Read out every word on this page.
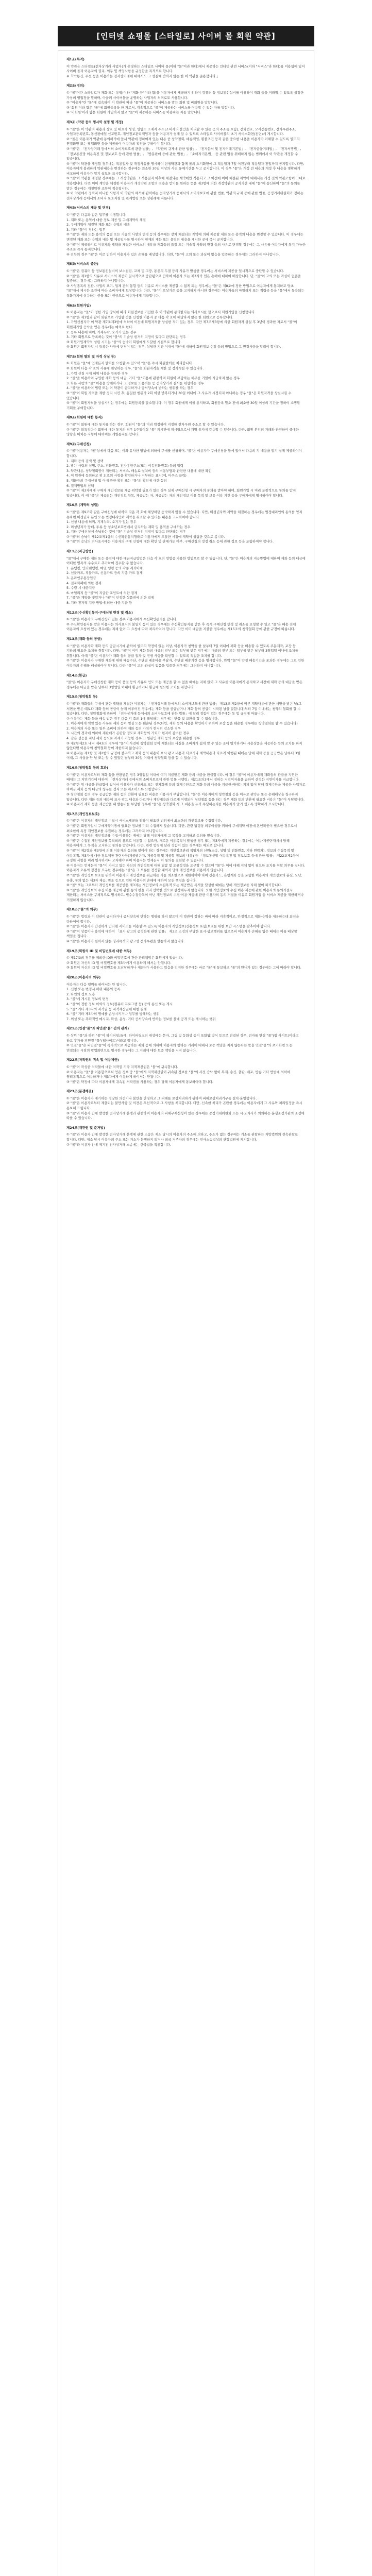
[인터넷 쇼핑몰 [스타일로] 사이버 몰 회원 약관]

제1조(목적)

이 약관은 스타일로(전자상거래 사업자)가 운영하는 스타일로 사이버 몰(이하 "몰"이라 한다)에서 제공하는 인터넷 관련 서비스(이하 "서비스"라 한다)를 이용함에 있어 사이버 몰과 이용자의 권리, 의무 및 책임사항을 규정함을 목적으로 합니다.
※「PC통신, 무선 등을 이용하는 전자상거래에 대해서도 그 성질에 반하지 않는 한 이 약관을 준용합니다.」

제2조(정의)

① "몰"이란 스타일로가 재화 또는 용역(이하 "재화 등"이라 함)을 이용자에게 제공하기 위하여 컴퓨터 등 정보통신설비를 이용하여 재화 등을 거래할 수 있도록 설정한 가상의 영업장을 말하며, 아울러 사이버몰을 운영하는 사업자의 의미로도 사용합니다.
② "이용자"란 "몰"에 접속하여 이 약관에 따라 "몰"이 제공하는 서비스를 받는 회원 및 비회원을 말합니다.
③ '회원'이라 함은 "몰"에 회원등록을 한 자로서, 계속적으로 "몰"이 제공하는 서비스를 이용할 수 있는 자를 말합니다.
④ '비회원'이라 함은 회원에 가입하지 않고 "몰"이 제공하는 서비스를 이용하는 자를 말합니다.

제3조 (약관 등의 명시와 설명 및 개정)

① "몰"은 이 약관의 내용과 상호 및 대표자 성명, 영업소 소재지 주소(소비자의 불만을 처리할 수 있는 곳의 주소를 포함), 전화번호, 모사전송번호, 전자우편주소, 사업자등록번호, 통신판매업 신고번호, 개인정보관리책임자 등을 이용자가 쉽게 알 수 있도록 스타일로 사이버몰의 초기 서비스화면(전면)에 게시합니다.
② "몰은 이용자가 약관에 동의하기에 앞서 약관에 정하여져 있는 내용 중 청약철회, 배송책임, 환불조건 등과 같은 중요한 내용을 이용자가 이해할 수 있도록 별도의 연결화면 또는 팝업화면 등을 제공하여 이용자의 확인을 구하여야 합니다.
③ "몰"은 「전자상거래 등에서의 소비자보호에 관한 법률」, 「약관의 규제에 관한 법률」, 「전자문서 및 전자거래기본법」, 「전자금융거래법」, 「전자서명법」, 「정보통신망 이용촉진 및 정보보호 등에 관한 법률」, 「방문판매 등에 관한 법률」, 「소비자기본법」 등 관련 법을 위배하지 않는 범위에서 이 약관을 개정할 수 있습니다.
④ "몰"이 약관을 개정할 경우에는 적용일자 및 개정사유를 명시하여 현행약관과 함께 몰의 초기화면에 그 적용일자 7일 이전부터 적용일자 전일까지 공지합니다. 다만, 이용자에게 불리하게 약관내용을 변경하는 경우에는 최소한 30일 이상의 사전 유예기간을 두고 공지합니다. 이 경우 "몰"은 개정 전 내용과 개정 후 내용을 명확하게 비교하여 이용자가 알기 쉽도록 표시합니다.
⑤ "몰"이 약관을 개정할 경우에는 그 개정약관은 그 적용일자 이후에 체결되는 계약에만 적용되고 그 이전에 이미 체결된 계약에 대해서는 개정 전의 약관조항이 그대로 적용됩니다. 다만 이미 계약을 체결한 이용자가 개정약관 조항의 적용을 받기를 원하는 뜻을 제3항에 의한 개정약관의 공지기간 내에 "몰"에 송신하여 "몰"의 동의를 받은 경우에는 개정약관 조항이 적용됩니다.
⑥ 이 약관에서 정하지 아니한 사항과 이 약관의 해석에 관하여는 전자상거래 등에서의 소비자보호에 관한 법률, 약관의 규제 등에 관한 법률, 공정거래위원회가 정하는 전자상거래 등에서의 소비자 보호지침 및 관계법령 또는 상관례에 따릅니다.

제4조(서비스의 제공 및 변경)

① "몰"은 다음과 같은 업무를 수행합니다.
1. 재화 또는 용역에 대한 정보 제공 및 구매계약의 체결
2. 구매계약이 체결된 재화 또는 용역의 배송
3. 기타 "몰"이 정하는 업무
② "몰"은 재화 또는 용역의 품절 또는 기술적 사양의 변경 등의 경우에는 장차 체결되는 계약에 의해 제공할 재화 또는 용역의 내용을 변경할 수 있습니다. 이 경우에는 변경된 재화 또는 용역의 내용 및 제공일자를 명시하여 현재의 재화 또는 용역의 내용을 게시한 곳에 즉시 공지합니다.
③ "몰"이 제공하기로 이용자와 계약을 체결한 서비스의 내용을 재화등의 품절 또는 기술적 사양의 변경 등의 사유로 변경할 경우에는 그 사유를 이용자에게 통지 가능한 주소로 즉시 통지합니다.
④ 전항의 경우 "몰"은 이로 인하여 이용자가 입은 손해를 배상합니다. 다만, "몰"이 고의 또는 과실이 없음을 입증하는 경우에는 그러하지 아니합니다.

제5조(서비스의 중단)

① "몰"은 컴퓨터 등 정보통신설비의 보수점검, 교체 및 고장, 통신의 두절 등의 사유가 발생한 경우에는 서비스의 제공을 일시적으로 중단할 수 있습니다.
② "몰"은 제1항의 사유로 서비스의 제공이 일시적으로 중단됨으로 인하여 이용자 또는 제3자가 입은 손해에 대하여 배상합니다. 단, "몰"이 고의 또는 과실이 없음을 입증하는 경우에는 그러하지 아니합니다.
③ 사업종목의 전환, 사업의 포기, 업체 간의 통합 등의 이유로 서비스를 제공할 수 없게 되는 경우에는 "몰"은 제8조에 정한 방법으로 이용자에게 통지하고 당초 "몰"에서 제시한 조건에 따라 소비자에게 보상합니다. 다만, "몰"이 보상기준 등을 고지하지 아니한 경우에는 이용자들의 마일리지 또는 적립금 등을 "몰"에서 통용되는 통화가치에 상응하는 현물 또는 현금으로 이용자에게 지급합니다.

제6조(회원가입)

① 이용자는 "몰"이 정한 가입 양식에 따라 회원정보를 기입한 후 이 약관에 동의한다는 의사표시를 함으로서 회원가입을 신청합니다.
② "몰"은 제1항과 같이 회원으로 가입할 것을 신청한 이용자 중 다음 각 호에 해당하지 않는 한 회원으로 등록합니다.
1. 가입신청자가 이 약관 제7조제3항에 의하여 이전에 회원자격을 상실한 적이 있는 경우, 다만 제7조제3항에 의한 회원자격 상실 후 3년이 경과한 자로서 "몰"의 회원재가입 승낙을 얻은 경우에는 예외로 한다.
2. 등록 내용에 허위, 기재누락, 오기가 있는 경우
3. 기타 회원으로 등록하는 것이 "몰"의 기술상 현저히 지장이 있다고 판단되는 경우
③ 회원가입계약의 성립 시기는 "몰"의 승낙이 회원에게 도달한 시점으로 합니다.
④ 회원은 회원가입 시 등록한 사항에 변경이 있는 경우, 상당한 기간 이내에 "몰"에 대하여 회원정보 수정 등의 방법으로 그 변경사항을 알려야 합니다.

제7조(회원 탈퇴 및 자격 상실 등)

① 회원은 "몰"에 언제든지 탈퇴를 요청할 수 있으며 "몰"은 즉시 회원탈퇴를 처리합니다.
② 회원이 다음 각 호의 사유에 해당하는 경우, "몰"은 회원자격을 제한 및 정지시킬 수 있습니다.
1. 가입 신청 시에 허위 내용을 등록한 경우
2. "몰"을 이용하여 구입한 재화 등의 대금, 기타 "몰"이용에 관련하여 회원이 부담하는 채무를 기일에 지급하지 않는 경우
3. 다른 사람의 "몰" 이용을 방해하거나 그 정보를 도용하는 등 전자상거래 질서를 위협하는 경우
4. "몰"을 이용하여 법령 또는 이 약관이 금지하거나 공서양속에 반하는 행위를 하는 경우
③ "몰"이 회원 자격을 제한·정지 시킨 후, 동일한 행위가 2회 이상 반복되거나 30일 이내에 그 사유가 시정되지 아니하는 경우 "몰"은 회원자격을 상실시킬 수 있습니다.
④ "몰"이 회원자격을 상실시키는 경우에는 회원등록을 말소합니다. 이 경우 회원에게 이를 통지하고, 회원등록 말소 전에 최소한 30일 이상의 기간을 정하여 소명할 기회를 부여합니다.

제8조(회원에 대한 통지)

① "몰"이 회원에 대한 통지를 하는 경우, 회원이 "몰"과 미리 약정하여 지정한 전자우편 주소로 할 수 있습니다.
② "몰"은 불특정다수 회원에 대한 통지의 경우 1주일이상 "몰" 게시판에 게시함으로서 개별 통지에 갈음할 수 있습니다. 다만, 회원 본인의 거래와 관련하여 중대한 영향을 미치는 사항에 대하여는 개별통지를 합니다.

제9조(구매신청)

① "몰"이용자는 "몰"상에서 다음 또는 이와 유사한 방법에 의하여 구매를 신청하며, "몰"은 이용자가 구매신청을 함에 있어서 다음의 각 내용을 알기 쉽게 제공하여야 합니다.
1. 재화 등의 검색 및 선택
2. 받는 사람의 성명, 주소, 전화번호, 전자우편주소(또는 이동전화번호) 등의 입력
3. 약관내용, 청약철회권이 제한되는 서비스, 배송료·설치비 등의 비용부담과 관련한 내용에 대한 확인
4. 이 약관에 동의하고 위 3.호의 사항을 확인하거나 거부하는 표시(예, 마우스 클릭)
5. 재화등의 구매신청 및 이에 관한 확인 또는 "몰"의 확인에 대한 동의
6. 결제방법의 선택
② "몰"이 제3자에게 구매자 개인정보를 제공·위탁할 필요가 있는 경우 실제 구매신청 시 구매자의 동의를 받아야 하며, 회원가입 시 미리 포괄적으로 동의를 받지 않습니다. 이 때 "몰"은 제공되는 개인정보 항목, 제공받는 자, 제공받는 자의 개인정보 이용 목적 및 보유·이용 기간 등을 구매자에게 명시하여야 합니다.

제10조 (계약의 성립)

① "몰"은 제9조와 같은 구매신청에 대하여 다음 각 호에 해당하면 승낙하지 않을 수 있습니다. 다만, 미성년자와 계약을 체결하는 경우에는 법정대리인의 동의를 얻지 못하면 미성년자 본인 또는 법정대리인이 계약을 취소할 수 있다는 내용을 고지하여야 합니다.
1. 신청 내용에 허위, 기재누락, 오기가 있는 경우
2. 미성년자가 담배, 주류 등 청소년보호법에서 금지하는 재화 및 용역을 구매하는 경우
3. 기타 구매신청에 승낙하는 것이 "몰" 기술상 현저히 지장이 있다고 판단하는 경우
② "몰"의 승낙이 제12조제1항의 수신확인통지형태로 이용자에게 도달한 시점에 계약이 성립한 것으로 봅니다.
③ "몰"의 승낙의 의사표시에는 이용자의 구매 신청에 대한 확인 및 판매가능 여부, 구매신청의 정정 취소 등에 관한 정보 등을 포함하여야 합니다.

제11조(지급방법)

"몰"에서 구매한 재화 또는 용역에 대한 대금지급방법은 다음 각 호의 방법중 가용한 방법으로 할 수 있습니다. 단, "몰"은 이용자의 지급방법에 대하여 재화 등의 대금에 어떠한 명목의 수수료도 추가하여 징수할 수 없습니다.
1. 폰뱅킹, 인터넷뱅킹, 메일 뱅킹 등의 각종 계좌이체
2. 선불카드, 직불카드, 신용카드 등의 각종 카드 결제
3. 온라인무통장입금
4. 전자화폐에 의한 결제
5. 수령 시 대금지급
6. 마일리지 등 "몰"이 지급한 포인트에 의한 결제
7. "몰"과 계약을 맺었거나 "몰"이 인정한 상품권에 의한 결제
8. 기타 전자적 지급 방법에 의한 대금 지급 등

제12조(수신확인통지·구매신청 변경 및 취소)

① "몰"은 이용자의 구매신청이 있는 경우 이용자에게 수신확인통지를 합니다.
② 수신확인통지를 받은 이용자는 의사표시의 불일치 등이 있는 경우에는 수신확인통지를 받은 후 즉시 구매신청 변경 및 취소를 요청할 수 있고 "몰"은 배송 전에 이용자의 요청이 있는 경우에는 지체 없이 그 요청에 따라 처리하여야 합니다. 다만 이미 대금을 지불한 경우에는 제15조의 청약철회 등에 관한 규정에 따릅니다.

제13조(재화 등의 공급)

① "몰"은 이용자와 재화 등의 공급시기에 관하여 별도의 약정이 없는 이상, 이용자가 청약을 한 날부터 7일 이내에 재화 등을 배송할 수 있도록 주문제작, 포장 등 기타의 필요한 조치를 취합니다. 다만, "몰"이 이미 재화 등의 대금의 전부 또는 일부를 받은 경우에는 대금의 전부 또는 일부를 받은 날부터 3영업일 이내에 조치를 취합니다. 이때 "몰"은 이용자가 재화 등의 공급 절차 및 진행 사항을 확인할 수 있도록 적절한 조치를 합니다.
② "몰"은 이용자가 구매한 재화에 대해 배송수단, 수단별 배송비용 부담자, 수단별 배송기간 등을 명시합니다. 만약 "몰"이 약정 배송기간을 초과한 경우에는 그로 인한 이용자의 손해를 배상하여야 합니다. 다만 "몰"이 고의·과실이 없음을 입증한 경우에는 그러하지 아니합니다.

제14조(환급)

"몰"은 이용자가 구매신청한 재화 등이 품절 등의 사유로 인도 또는 제공을 할 수 없을 때에는 지체 없이 그 사유를 이용자에게 통지하고 사전에 재화 등의 대금을 받은 경우에는 대금을 받은 날부터 3영업일 이내에 환급하거나 환급에 필요한 조치를 취합니다.

제15조(청약철회 등)

① "몰"과 재화등의 구매에 관한 계약을 체결한 이용자는 「전자상거래 등에서의 소비자보호에 관한 법률」 제13조 제2항에 따른 계약내용에 관한 서면을 받은 날(그 서면을 받은 때보다 재화 등의 공급이 늦게 이루어진 경우에는 재화 등을 공급받거나 재화 등의 공급이 시작된 날을 말합니다)부터 7일 이내에는 청약의 철회를 할 수 있습니다. 다만, 청약철회에 관하여 「전자상거래 등에서의 소비자보호에 관한 법률」에 달리 정함이 있는 경우에는 동 법 규정에 따릅니다.
② 이용자는 재화 등을 배송 받은 경우 다음 각 호의 1에 해당하는 경우에는 반품 및 교환을 할 수 없습니다.
1. 이용자에게 책임 있는 사유로 재화 등이 멸실 또는 훼손된 경우(다만, 재화 등의 내용을 확인하기 위하여 포장 등을 훼손한 경우에는 청약철회를 할 수 있습니다)
2. 이용자의 사용 또는 일부 소비에 의하여 재화 등의 가치가 현저히 감소한 경우
3. 시간의 경과에 의하여 재판매가 곤란할 정도로 재화등의 가치가 현저히 감소한 경우
4. 같은 성능을 지닌 재화 등으로 복제가 가능한 경우 그 원본인 재화 등의 포장을 훼손한 경우
③ 제2항제2호 내지 제4호의 경우에 "몰"이 사전에 청약철회 등이 제한되는 사실을 소비자가 쉽게 알 수 있는 곳에 명기하거나 시용상품을 제공하는 등의 조치를 하지 않았다면 이용자의 청약철회 등이 제한되지 않습니다.
④ 이용자는 제1항 및 제2항의 규정에 불구하고 재화 등의 내용이 표시·광고 내용과 다르거나 계약내용과 다르게 이행된 때에는 당해 재화 등을 공급받은 날부터 3월 이내, 그 사실을 안 날 또는 알 수 있었던 날부터 30일 이내에 청약철회 등을 할 수 있습니다.

제16조(청약철회 등의 효과)

① "몰"은 이용자로부터 재화 등을 반환받은 경우 3영업일 이내에 이미 지급받은 재화 등의 대금을 환급합니다. 이 경우 "몰"이 이용자에게 재화등의 환급을 지연한 때에는 그 지연기간에 대하여 「전자상거래 등에서의 소비자보호에 관한 법률 시행령」제21조의2에서 정하는 지연이자율을 곱하여 산정한 지연이자를 지급합니다.
② "몰"은 위 대금을 환급함에 있어서 이용자가 신용카드 또는 전자화폐 등의 결제수단으로 재화 등의 대금을 지급한 때에는 지체 없이 당해 결제수단을 제공한 사업자로 하여금 재화 등의 대금의 청구를 정지 또는 취소하도록 요청합니다.
③ 청약철회 등의 경우 공급받은 재화 등의 반환에 필요한 비용은 이용자가 부담합니다. "몰"은 이용자에게 청약철회 등을 이유로 위약금 또는 손해배상을 청구하지 않습니다. 다만 재화 등의 내용이 표시·광고 내용과 다르거나 계약내용과 다르게 이행되어 청약철회 등을 하는 경우 재화 등의 반환에 필요한 비용은 "몰"이 부담합니다.
④ 이용자가 재화 등을 제공받을 때 발송비를 부담한 경우에 "몰"은 청약철회 시 그 비용을 누가 부담하는지를 이용자가 알기 쉽도록 명확하게 표시합니다.

제17조(개인정보보호)

① "몰"은 이용자의 개인정보 수집시 서비스제공을 위하여 필요한 범위에서 최소한의 개인정보를 수집합니다.
② "몰"은 회원가입시 구매계약이행에 필요한 정보를 미리 수집하지 않습니다. 다만, 관련 법령상 의무이행을 위하여 구매계약 이전에 본인확인이 필요한 경우로서 최소한의 특정 개인정보를 수집하는 경우에는 그러하지 아니합니다.
③ "몰"은 이용자의 개인정보를 수집·이용하는 때에는 당해 이용자에게 그 목적을 고지하고 동의를 받습니다.
④ "몰"은 수집된 개인정보를 목적외의 용도로 이용할 수 없으며, 새로운 이용목적이 발생한 경우 또는 제3자에게 제공하는 경우에는 이용·제공단계에서 당해 이용자에게 그 목적을 고지하고 동의를 받습니다. 다만, 관련 법령에 달리 정함이 있는 경우에는 예외로 합니다.
⑤ "몰"이 제2항과 제3항에 의해 이용자의 동의를 받아야 하는 경우에는 개인정보관리 책임자의 신원(소속, 성명 및 전화번호, 기타 연락처), 정보의 수집목적 및 이용목적, 제3자에 대한 정보제공 관련사항(제공받은자, 제공목적 및 제공할 정보의 내용) 등 「정보통신망 이용촉진 및 정보보호 등에 관한 법률」 제22조제2항이 규정한 사항을 미리 명시하거나 고지해야 하며 이용자는 언제든지 이 동의를 철회할 수 있습니다.
⑥ 이용자는 언제든지 "몰"이 가지고 있는 자신의 개인정보에 대해 열람 및 오류정정을 요구할 수 있으며 "몰"은 이에 대해 지체 없이 필요한 조치를 취할 의무를 집니다. 이용자가 오류의 정정을 요구한 경우에는 "몰"은 그 오류를 정정할 때까지 당해 개인정보를 이용하지 않습니다.
⑦ "몰"은 개인정보 보호를 위하여 이용자의 개인정보를 취급하는 자를 최소한으로 제한하여야 하며 신용카드, 은행계좌 등을 포함한 이용자의 개인정보의 분실, 도난, 유출, 동의 없는 제3자 제공, 변조 등으로 인한 이용자의 손해에 대하여 모든 책임을 집니다.
⑧ "몰" 또는 그로부터 개인정보를 제공받은 제3자는 개인정보의 수집목적 또는 제공받은 목적을 달성한 때에는 당해 개인정보를 지체 없이 파기합니다.
⑨ "몰"은 개인정보의 수집·이용·제공에 관한 동의 란을 미리 선택한 것으로 설정해두지 않습니다. 또한 개인정보의 수집·이용·제공에 관한 이용자의 동의거절시 제한되는 서비스를 구체적으로 명시하고, 필수수집항목이 아닌 개인정보의 수집·이용·제공에 관한 이용자의 동의 거절을 이유로 회원가입 등 서비스 제공을 제한하거나 거절하지 않습니다.

제18조("몰"의 의무)

① "몰"은 법령과 이 약관이 금지하거나 공서양속에 반하는 행위를 하지 않으며 이 약관이 정하는 바에 따라 지속적이고, 안정적으로 재화·용역을 제공하는데 최선을 다하여야 합니다.
② "몰"은 이용자가 안전하게 인터넷 서비스를 이용할 수 있도록 이용자의 개인정보(신용정보 포함)보호를 위한 보안 시스템을 갖추어야 합니다.
③ "몰"이 상품이나 용역에 대하여 「표시·광고의 공정화에 관한 법률」 제3조 소정의 부당한 표시·광고행위를 함으로써 이용자가 손해를 입은 때에는 이를 배상할 책임을 집니다.
④ "몰"은 이용자가 원하지 않는 영리목적의 광고성 전자우편을 발송하지 않습니다.

제19조(회원의 ID 및 비밀번호에 대한 의무)

① 제17조의 경우를 제외한 ID와 비밀번호에 관한 관리책임은 회원에게 있습니다.
② 회원은 자신의 ID 및 비밀번호를 제3자에게 이용하게 해서는 안됩니다.
③ 회원이 자신의 ID 및 비밀번호를 도난당하거나 제3자가 사용하고 있음을 인지한 경우에는 바로 "몰"에 통보하고 "몰"의 안내가 있는 경우에는 그에 따라야 합니다.

제20조(이용자의 의무)

이용자는 다음 행위를 하여서는 안 됩니다.
1. 신청 또는 변경시 허위 내용의 등록
2. 타인의 정보 도용
3. "몰"에 게시된 정보의 변경
4. "몰"이 정한 정보 이외의 정보(컴퓨터 프로그램 등) 등의 송신 또는 게시
5. "몰" 기타 제3자의 저작권 등 지적재산권에 대한 침해
6. "몰" 기타 제3자의 명예를 손상시키거나 업무를 방해하는 행위
7. 외설 또는 폭력적인 메시지, 화상, 음성, 기타 공서양속에 반하는 정보를 몰에 공개 또는 게시하는 행위

제21조(연결"몰"과 피연결"몰" 간의 관계)

① 상위 "몰"과 하위 "몰"이 하이퍼링크(예: 하이퍼링크의 대상에는 문자, 그림 및 동화상 등이 포함됨)방식 등으로 연결된 경우, 전자를 연결 "몰"(웹 사이트)이라고 하고 후자를 피연결 "몰"(웹사이트)이라고 합니다.
② 연결"몰"은 피연결"몰"이 독자적으로 제공하는 재화 등에 의하여 이용자와 행하는 거래에 대해서 보증 책임을 지지 않는다는 뜻을 연결"몰"의 초기화면 또는 연결되는 시점의 팝업화면으로 명시한 경우에는 그 거래에 대한 보증 책임을 지지 않습니다.

제22조(저작권의 귀속 및 이용제한)

① "몰"이 작성한 저작물에 대한 저작권 기타 지적재산권은 "몰"에 귀속합니다.
② 이용자는 "몰"을 이용함으로써 얻은 정보 중 "몰"에게 지적재산권이 귀속된 정보를 "몰"의 사전 승낙 없이 복제, 송신, 출판, 배포, 방송 기타 방법에 의하여 영리목적으로 이용하거나 제3자에게 이용하게 하여서는 안됩니다.
③ "몰"은 약정에 따라 이용자에게 귀속된 저작권을 사용하는 경우 당해 이용자에게 통보하여야 합니다.

제23조(분쟁해결)

① "몰"은 이용자가 제기하는 정당한 의견이나 불만을 반영하고 그 피해를 보상처리하기 위하여 피해보상처리기구를 설치·운영합니다.
② "몰"은 이용자로부터 제출되는 불만사항 및 의견은 우선적으로 그 사항을 처리합니다. 다만, 신속한 처리가 곤란한 경우에는 이용자에게 그 사유와 처리일정을 즉시 통보해 드립니다.
③ "몰"과 이용자 간에 발생한 전자상거래 분쟁과 관련하여 이용자의 피해구제신청이 있는 경우에는 공정거래위원회 또는 시·도지사가 의뢰하는 분쟁조정기관의 조정에 따를 수 있습니다.

제24조(재판권 및 준거법)

① "몰"과 이용자 간에 발생한 전자상거래 분쟁에 관한 소송은 제소 당시의 이용자의 주소에 의하고, 주소가 없는 경우에는 거소를 관할하는 지방법원의 전속관할로 합니다. 다만, 제소 당시 이용자의 주소 또는 거소가 분명하지 않거나 외국 거주자의 경우에는 민사소송법상의 관할법원에 제기합니다.
② "몰"과 이용자 간에 제기된 전자상거래 소송에는 한국법을 적용합니다.
